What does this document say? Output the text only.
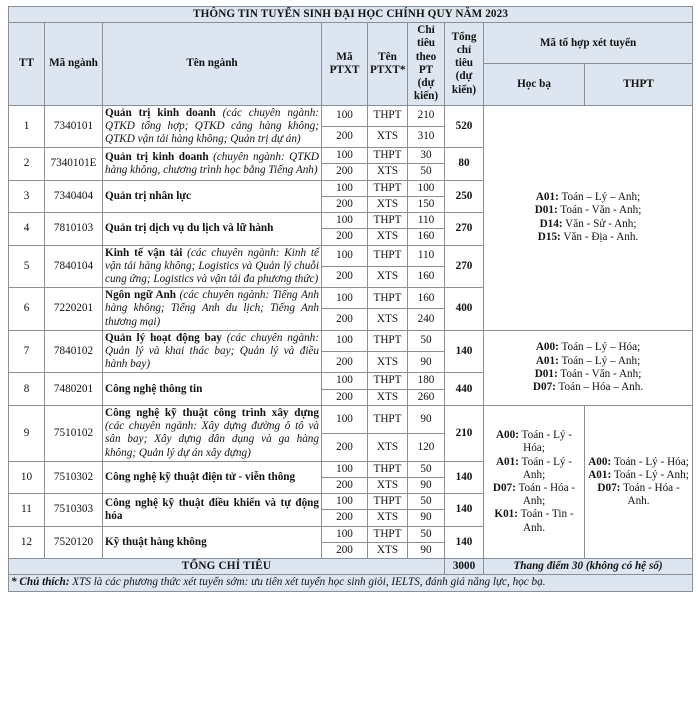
THÔNG TIN TUYỂN SINH ĐẠI HỌC CHÍNH QUY NĂM 2023								
TT	Mã ngành	Tên ngành	Mã PTXT	Tên PTXT*	Chỉ tiêu theo PT (dự kiến)	Tổng chỉ tiêu (dự kiến)	Mã tổ hợp xét tuyển	
							Học bạ	THPT
1	7340101	Quản trị kinh doanh (các chuyên ngành: QTKD tổng hợp; QTKD cảng hàng không; QTKD vận tải hàng không; Quản trị dự án)	100	THPT	210	520	A01: Toán – Lý – Anh;
D01: Toán - Văn - Anh;
D14: Văn - Sử - Anh;
D15: Văn - Địa - Anh.	

			200	XTS	310			
2	7340101E	Quản trị kinh doanh (chuyên ngành: QTKD hàng không, chương trình học bằng Tiếng Anh)	100	THPT	30	80		
			200	XTS	50			
3	7340404	Quản trị nhân lực	100	THPT	100	250		
			200	XTS	150			
4	7810103	Quản trị dịch vụ du lịch và lữ hành	100	THPT	110	270		
			200	XTS	160			
5	7840104	Kinh tế vận tải (các chuyên ngành: Kinh tế vận tải hàng không; Logistics và Quản lý chuỗi cung ứng; Logistics và vận tải đa phương thức)	100	THPT	110	270		
			200	XTS	160			
6	7220201	Ngôn ngữ Anh (các chuyên ngành: Tiếng Anh hàng không; Tiếng Anh du lịch; Tiếng Anh thương mại)	100	THPT	160	400		
			200	XTS	240			
7	7840102	Quản lý hoạt động bay (các chuyên ngành: Quản lý và khai thác bay; Quản lý và điều hành bay)	100	THPT	50	140	A00: Toán – Lý – Hóa;
A01: Toán – Lý – Anh;
D01: Toán - Văn - Anh;
D07: Toán – Hóa – Anh.	

			200	XTS	90			
8	7480201	Công nghệ thông tin	100	THPT	180	440		
			200	XTS	260			
9	7510102	Công nghệ kỹ thuật công trình xây dựng (các chuyên ngành: Xây dựng đường ô tô và sân bay; Xây dựng dân dụng và ga hàng không; Quản lý dự án xây dựng)	100	THPT	90	210	A00: Toán - Lý - Hóa;
A01: Toán - Lý - Anh;
D07: Toán - Hóa - Anh;
K01: Toán - Tin - Anh.	A00: Toán - Lý - Hóa;
A01: Toán - Lý - Anh;
D07: Toán - Hóa - Anh.

			200	XTS	120			
10	7510302	Công nghệ kỹ thuật điện tử - viễn thông	100	THPT	50	140		
			200	XTS	90			
11	7510303	Công nghệ kỹ thuật điều khiển và tự động hóa	100	THPT	50	140		
			200	XTS	90			
12	7520120	Kỹ thuật hàng không	100	THPT	50	140		
			200	XTS	90			
TỔNG CHỈ TIÊU						3000	Thang điểm 30 (không có hệ số)	
* Chú thích: XTS là các phương thức xét tuyển sớm: ưu tiên xét tuyển học sinh giỏi, IELTS, đánh giá năng lực, học bạ.								
